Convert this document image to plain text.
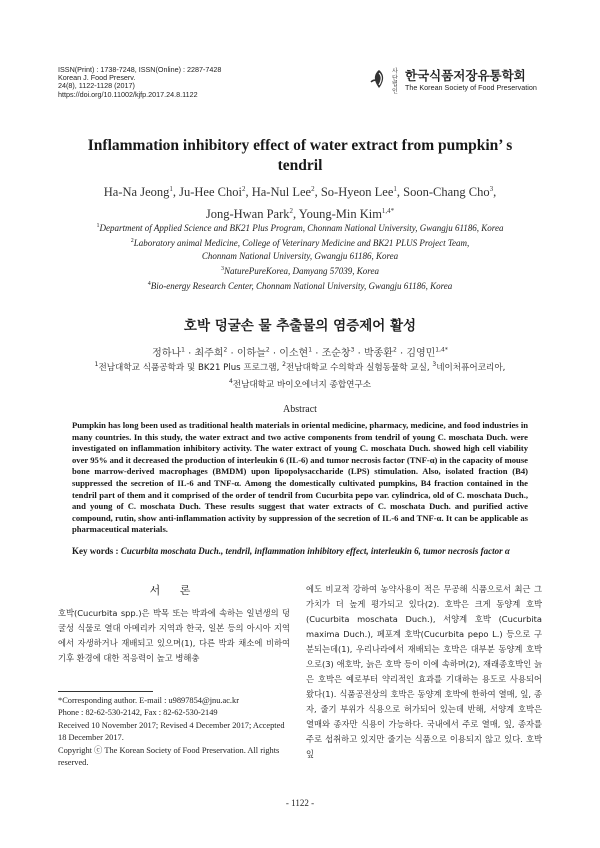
ISSN(Print) : 1738-7248, ISSN(Online) : 2287-7428
Korean J. Food Preserv.
24(8), 1122-1128 (2017)
https://doi.org/10.11002/kjfp.2017.24.8.1122
사단법인
한국식품저장유통학회
The Korean Society of Food Preservation
Inflammation inhibitory effect of water extract from pumpkin’ s
tendril
Ha-Na Jeong$^1$, Ju-Hee Choi$^2$, Ha-Nul Lee$^2$, So-Hyeon Lee$^1$, Soon-Chang Cho$^3$,
Jong-Hwan Park$^2$, Young-Min Kim$^{1,4*}$
$^1$Department of Applied Science and BK21 Plus Program, Chonnam National University, Gwangju 61186, Korea
$^2$Laboratory animal Medicine, College of Veterinary Medicine and BK21 PLUS Project Team,
Chonnam National University, Gwangju 61186, Korea
$^3$NaturePureKorea, Damyang 57039, Korea
$^4$Bio-energy Research Center, Chonnam National University, Gwangju 61186, Korea
호박 덩굴손 물 추출물의 염증제어 활성
정하나$^1$ · 최주희$^2$ · 이하늘$^2$ · 이소현$^1$ · 조순창$^3$ · 박종환$^2$ · 김영민$^{1,4*}$
$^1$전남대학교 식품공학과 및 BK21 Plus 프로그램, $^2$전남대학교 수의학과 실험동물학 교실, $^3$네이처퓨어코리아,
$^4$전남대학교 바이오에너지 종합연구소
Abstract

Pumpkin has long been used as traditional health materials in oriental medicine, pharmacy, medicine, and food industries in many countries. In this study, the water extract and two active components from tendril of young C. moschata Duch. were investigated on inflammation inhibitory activity. The water extract of young C. moschata Duch. showed high cell viability over 95% and it decreased the production of interleukin 6 (IL-6) and tumor necrosis factor (TNF-α) in the capacity of mouse bone marrow-derived macrophages (BMDM) upon lipopolysaccharide (LPS) stimulation. Also, isolated fraction (B4) suppressed the secretion of IL-6 and TNF-α. Among the domestically cultivated pumpkins, B4 fraction contained in the tendril part of them and it comprised of the order of tendril from Cucurbita pepo var. cylindrica, old of C. moschata Duch., and young of C. moschata Duch. These results suggest that water extracts of C. moschata Duch. and purified active compound, rutin, show anti-inflammation activity by suppression of the secretion of IL-6 and TNF-α. It can be applicable as pharmaceutical materials.

Key words : Cucurbita moschata Duch., tendril, inflammation inhibitory effect, interleukin 6, tumor necrosis factor α
서 론
호박(Cucurbita spp.)은 박목 또는 박과에 속하는 일년생의 덩굴성 식물로 열대 아메리카 지역과 한국, 일본 등의 아시아 지역에서 자생하거나 재배되고 있으며(1), 다른 박과 채소에 비하여 기후 환경에 대한 적응력이 높고 병해충
에도 비교적 강하여 농약사용이 적은 무공해 식품으로서 최근 그 가치가 더 높게 평가되고 있다(2). 호박은 크게 동양계 호박(Cucurbita moschata Duch.), 서양계 호박 (Cucurbita maxima Duch.), 페포계 호박(Cucurbita pepo L.) 등으로 구분되는데(1), 우리나라에서 재배되는 호박은 대부분 동양계 호박으로(3) 애호박, 늙은 호박 등이 이에 속하며(2), 재래종호박인 늙은 호박은 예로부터 약리적인 효과를 기대하는 용도로 사용되어 왔다(1). 식품공전상의 호박은 동양계 호박에 한하여 열매, 잎, 종자, 줄기 부위가 식용으로 허가되어 있는데 반해, 서양계 호박은 열매와 종자만 식용이 가능하다. 국내에서 주로 열매, 잎, 종자를 주로 섭취하고 있지만 줄기는 식품으로 이용되지 않고 있다. 호박잎
*Corresponding author. E-mail : u9897854@jnu.ac.kr
Phone : 82-62-530-2142, Fax : 82-62-530-2149
Received 10 November 2017; Revised 4 December 2017; Accepted 18 December 2017.
Copyright ⓒ The Korean Society of Food Preservation. All rights reserved.
- 1122 -
